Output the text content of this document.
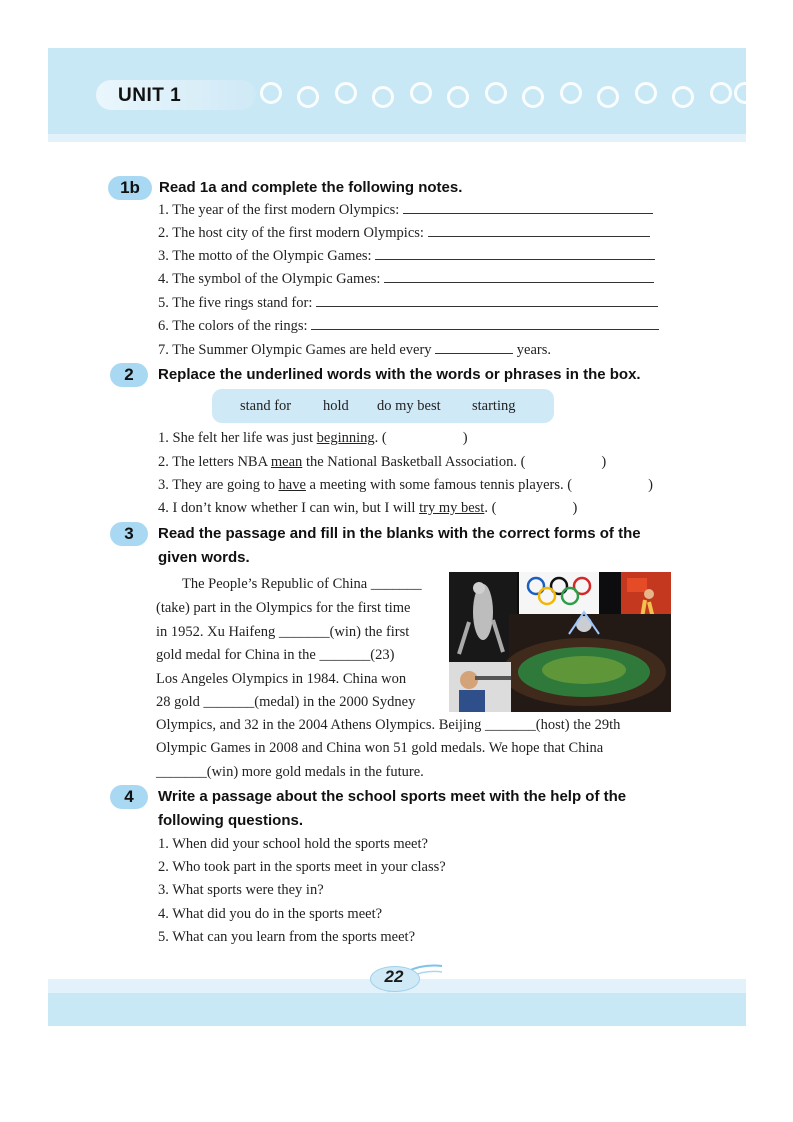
UNIT 1
1b	Read 1a and complete the following notes.
1. The year of the first modern Olympics:
2. The host city of the first modern Olympics:
3. The motto of the Olympic Games:
4. The symbol of the Olympic Games:
5. The five rings stand for:
6. The colors of the rings:
7. The Summer Olympic Games are held every	years.
2	Replace the underlined words with the words or phrases in the box.
stand for hold do my best starting
1. She felt her life was just beginning. (	)
2. The letters NBA mean the National Basketball Association. (	)
3. They are going to have a meeting with some famous tennis players. (	)
4. I don’t know whether I can win, but I will try my best. (	)
3	Read the passage and fill in the blanks with the correct forms of the
given words.
The People’s Republic of China _______
(take) part in the Olympics for the first time
in 1952. Xu Haifeng _______(win) the first
gold medal for China in the _______(23)
Los Angeles Olympics in 1984. China won
28 gold _______(medal) in the 2000 Sydney
Olympics, and 32 in the 2004 Athens Olympics. Beijing _______(host) the 29th
Olympic Games in 2008 and China won 51 gold medals. We hope that China
_______(win) more gold medals in the future.
4	Write a passage about the school sports meet with the help of the
following questions.
1. When did your school hold the sports meet?
2. Who took part in the sports meet in your class?
3. What sports were they in?
4. What did you do in the sports meet?
5. What can you learn from the sports meet?
22
